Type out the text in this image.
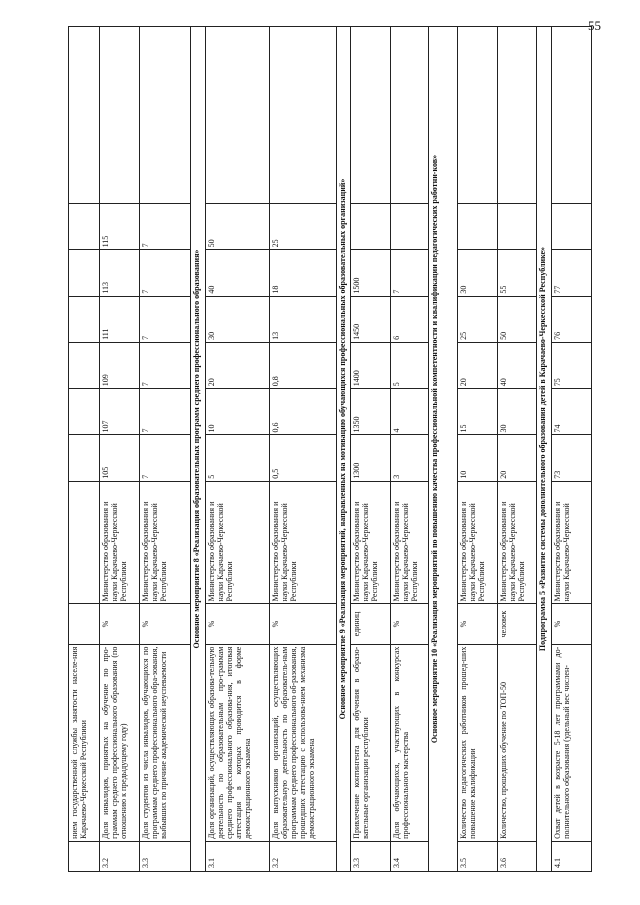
55
	нием государственной службы занятости населе-ния Карачаево-Черкесской Республики									
3.2	Доля инвалидов, принятых на обучение по про-граммам среднего профессионального образования (по отношению к предыдущему году)	%	Министерство образования и науки Карачаево-Черкесской Республики	105	107	109	111	113	115	
3.3	Доля студентов из числа инвалидов, обучающихся по программам среднего профессионального обра-зования, выбывших по причине академической неуспеваемости	%	Министерство образования и науки Карачаево-Черкесской Республики	7	7	7	7	7	7	
Основное мероприятие 8 «Реализация образовательных программ среднего профессионального образования»										
3.1	Доля организаций, осуществляющих образова-тельную деятельность по образовательным про-граммам среднего профессионального образова-ния, итоговая аттестация в которых проводится в форме демонстрационного экзамена	%	Министерство образования и науки Карачаево-Черкесской Республики	5	10	20	30	40	50	
3.2	Доля выпускников организаций, осуществляющих образовательную деятельность по образователь-ным программам среднего профессионального об-разования, прошедших аттестацию с использова-нием механизма демонстрационного экзамена	%	Министерство образования и науки Карачаево-Черкесской Республики	0,5	0,6	0,8	13	18	25	
Основное мероприятие 9 «Реализация мероприятий, направленных на мотивацию обучающихся профессиональных образовательных организаций»										
3.3	Привлечение контингента для обучения в образо-вательные организации республики	единиц	Министерство образования и науки Карачаево-Черкесской Республики	1300	1350	1400	1450	1500		
3.4	Доля обучающихся, участвующих в конкурсах профессионального мастерства	%	Министерство образования и науки Карачаево-Черкесской Республики	3	4	5	6	7		
Основное мероприятие 10 «Реализация мероприятий по повышению качества профессиональной компетентности и квалификации педагогических работни-ков»										
3.5	Количество педагогических работников прошед-ших повышение квалификации	%	Министерство образования и науки Карачаево-Черкесской Республики	10	15	20	25	30		
3.6	Количество, прошедших обучение по ТОП-50	человек	Министерство образования и науки Карачаево-Черкесской Республики	20	30	40	50	55		
Подпрограмма 5 «Развитие системы дополнительного образования детей в Карачаево-Черкесской Республике»										
4.1	Охват детей в возрасте 5-18 лет программами до-полнительного образования (удельный вес числен-	%	Министерство образования и науки Карачаево-Черкесской	73	74	75	76	77		
